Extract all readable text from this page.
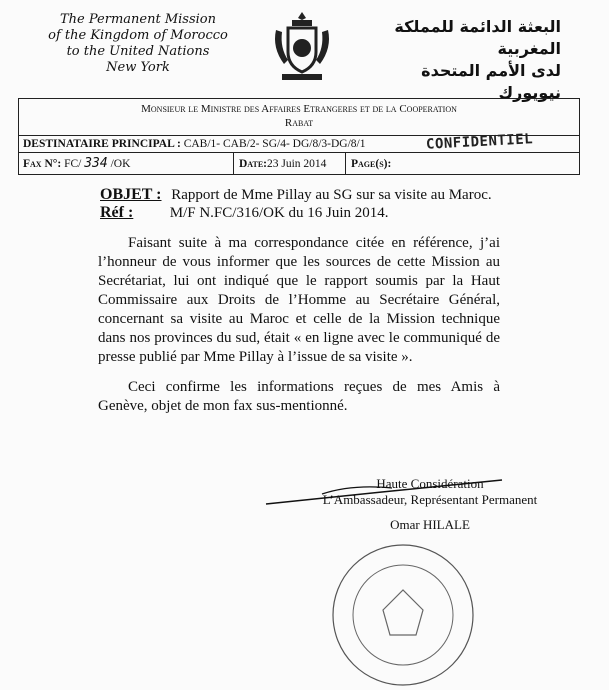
The Permanent Mission
of the Kingdom of Morocco
to the United Nations
New York
البعثة الدائمة للمملكة المغربية
لدى الأمم المتحدة
نيويورك
Monsieur le Ministre des Affaires Etrangeres et de la Cooperation
Rabat
DESTINATAIRE PRINCIPAL : CAB/1- CAB/2- SG/4- DG/8/3-DG/8/1
Fax N°: FC/ 334 /OK	Date:23 Juin 2014 Page(s):
CONFIDENTIEL
OBJET : Rapport de Mme Pillay au SG sur sa visite au Maroc.
Réf : M/F N.FC/316/OK du 16 Juin 2014.
Faisant suite à ma correspondance citée en référence, j’ai l’honneur de vous informer que les sources de cette Mission au Secrétariat, lui ont indiqué que le rapport soumis par la Haut Commissaire aux Droits de l’Homme au Secrétaire Général, concernant sa visite au Maroc et celle de la Mission technique dans nos provinces du sud, était « en ligne avec le communiqué de presse publié par Mme Pillay à l’issue de sa visite ».
Ceci confirme les informations reçues de mes Amis à Genève, objet de mon fax sus-mentionné.
Haute Considération
L’Ambassadeur, Représentant Permanent
Omar HILALE
